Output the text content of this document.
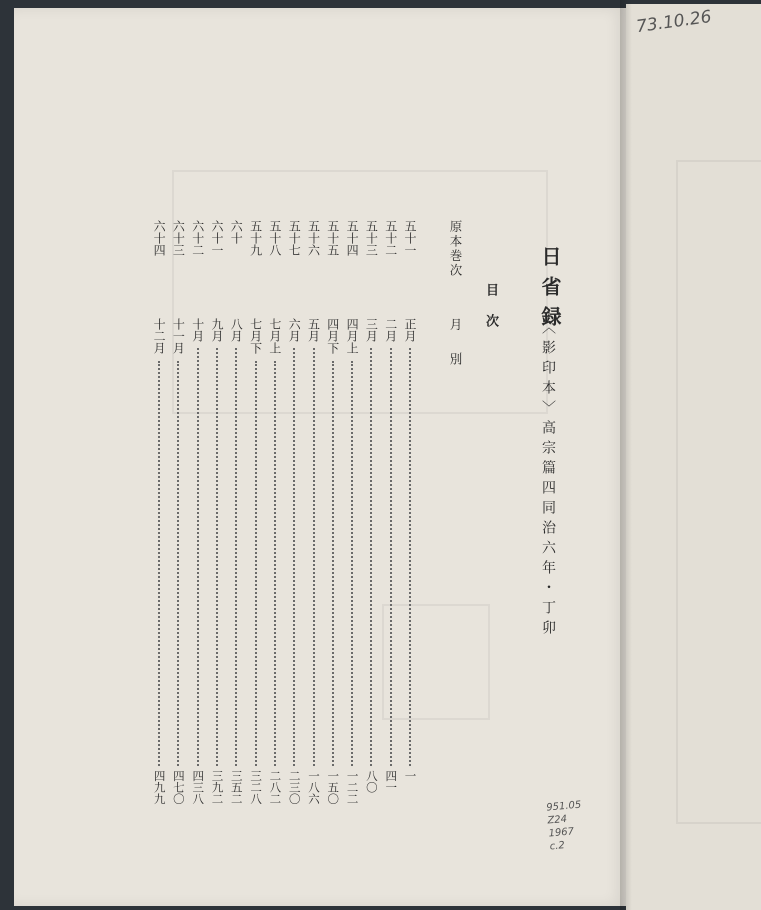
73.10.26
951.05
Z24
1967
c.2
日省録
〈影印本〉高宗篇四同治六年・丁卯
目次
原本巻次
月別
五十一
正月
一
五十二
二月
四一
五十三
三月
八〇
五十四
四月上
一二二
五十五
四月下
一五〇
五十六
五月
一八六
五十七
六月
二三〇
五十八
七月上
二八二
五十九
七月下
三二八
六十
八月
三五二
六十一
九月
三九二
六十二
十月
四三八
六十三
十一月
四七〇
六十四
十二月
四九九
